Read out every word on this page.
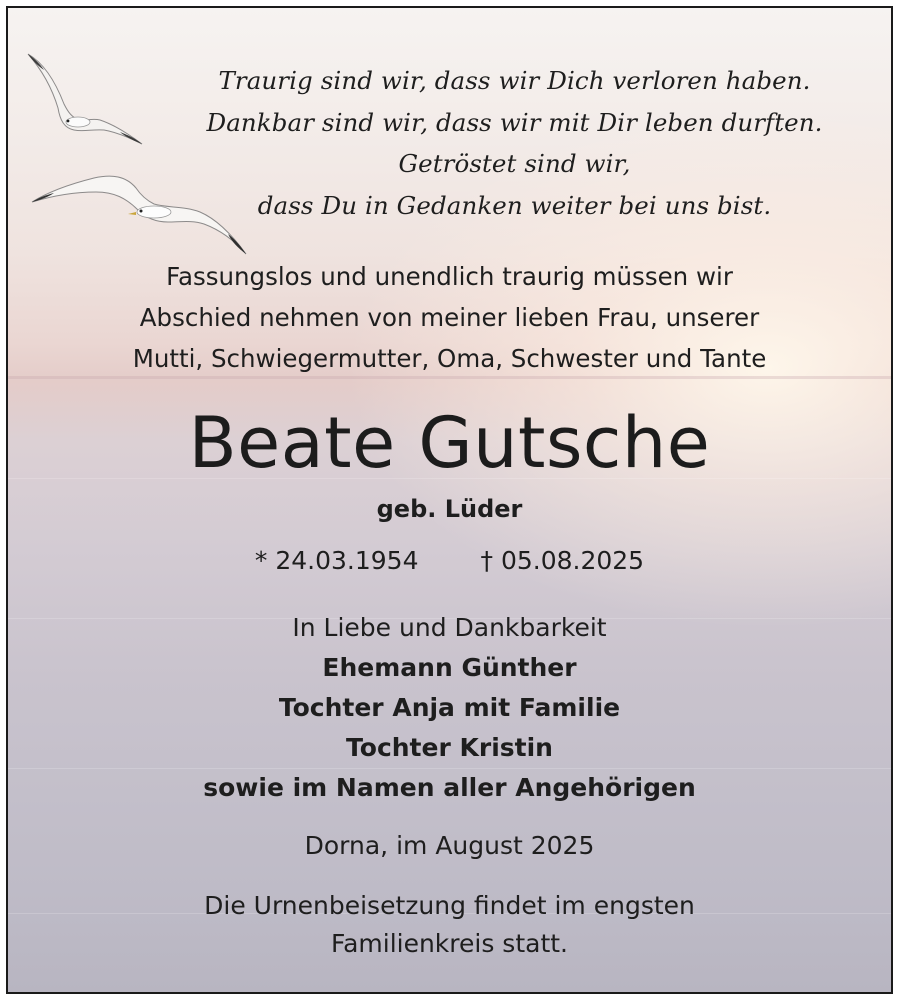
Traurig sind wir, dass wir Dich verloren haben.
Dankbar sind wir, dass wir mit Dir leben durften.
Getröstet sind wir,
dass Du in Gedanken weiter bei uns bist.
Fassungslos und unendlich traurig müssen wir
Abschied nehmen von meiner lieben Frau, unserer
Mutti, Schwiegermutter, Oma, Schwester und Tante
Beate Gutsche
geb. Lüder
* 24.03.1954 † 05.08.2025
In Liebe und Dankbarkeit
Ehemann Günther
Tochter Anja mit Familie
Tochter Kristin
sowie im Namen aller Angehörigen
Dorna, im August 2025
Die Urnenbeisetzung findet im engsten
Familienkreis statt.
